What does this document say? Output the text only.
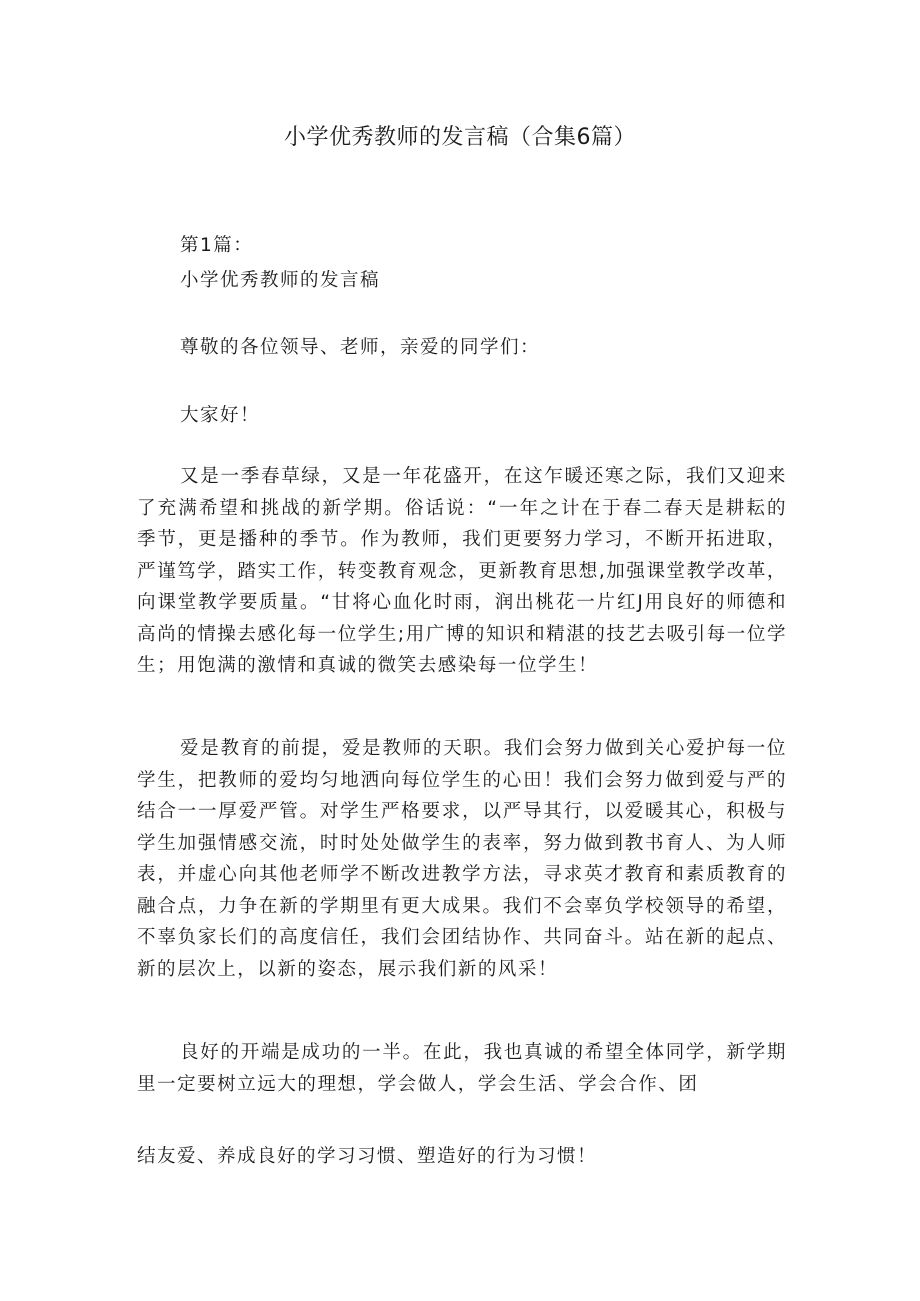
小学优秀教师的发言稿（合集6篇）

第1篇：

小学优秀教师的发言稿

尊敬的各位领导、老师，亲爱的同学们：

大家好！

又是一季春草绿，又是一年花盛开，在这乍暖还寒之际，我们又迎来了充满希望和挑战的新学期。俗话说：“一年之计在于春二春天是耕耘的季节，更是播种的季节。作为教师，我们更要努力学习，不断开拓进取，严谨笃学，踏实工作，转变教育观念，更新教育思想,加强课堂教学改革，向课堂教学要质量。“甘将心血化时雨，润出桃花一片红J用良好的师德和高尚的情操去感化每一位学生;用广博的知识和精湛的技艺去吸引每一位学生；用饱满的激情和真诚的微笑去感染每一位学生！

爱是教育的前提，爱是教师的天职。我们会努力做到关心爱护每一位学生，把教师的爱均匀地洒向每位学生的心田！我们会努力做到爱与严的结合一一厚爱严管。对学生严格要求，以严导其行，以爱暖其心，积极与学生加强情感交流，时时处处做学生的表率，努力做到教书育人、为人师表，并虚心向其他老师学不断改进教学方法，寻求英才教育和素质教育的融合点，力争在新的学期里有更大成果。我们不会辜负学校领导的希望，不辜负家长们的高度信任，我们会团结协作、共同奋斗。站在新的起点、新的层次上，以新的姿态，展示我们新的风采！

良好的开端是成功的一半。在此，我也真诚的希望全体同学，新学期里一定要树立远大的理想，学会做人，学会生活、学会合作、团

结友爱、养成良好的学习习惯、塑造好的行为习惯！
